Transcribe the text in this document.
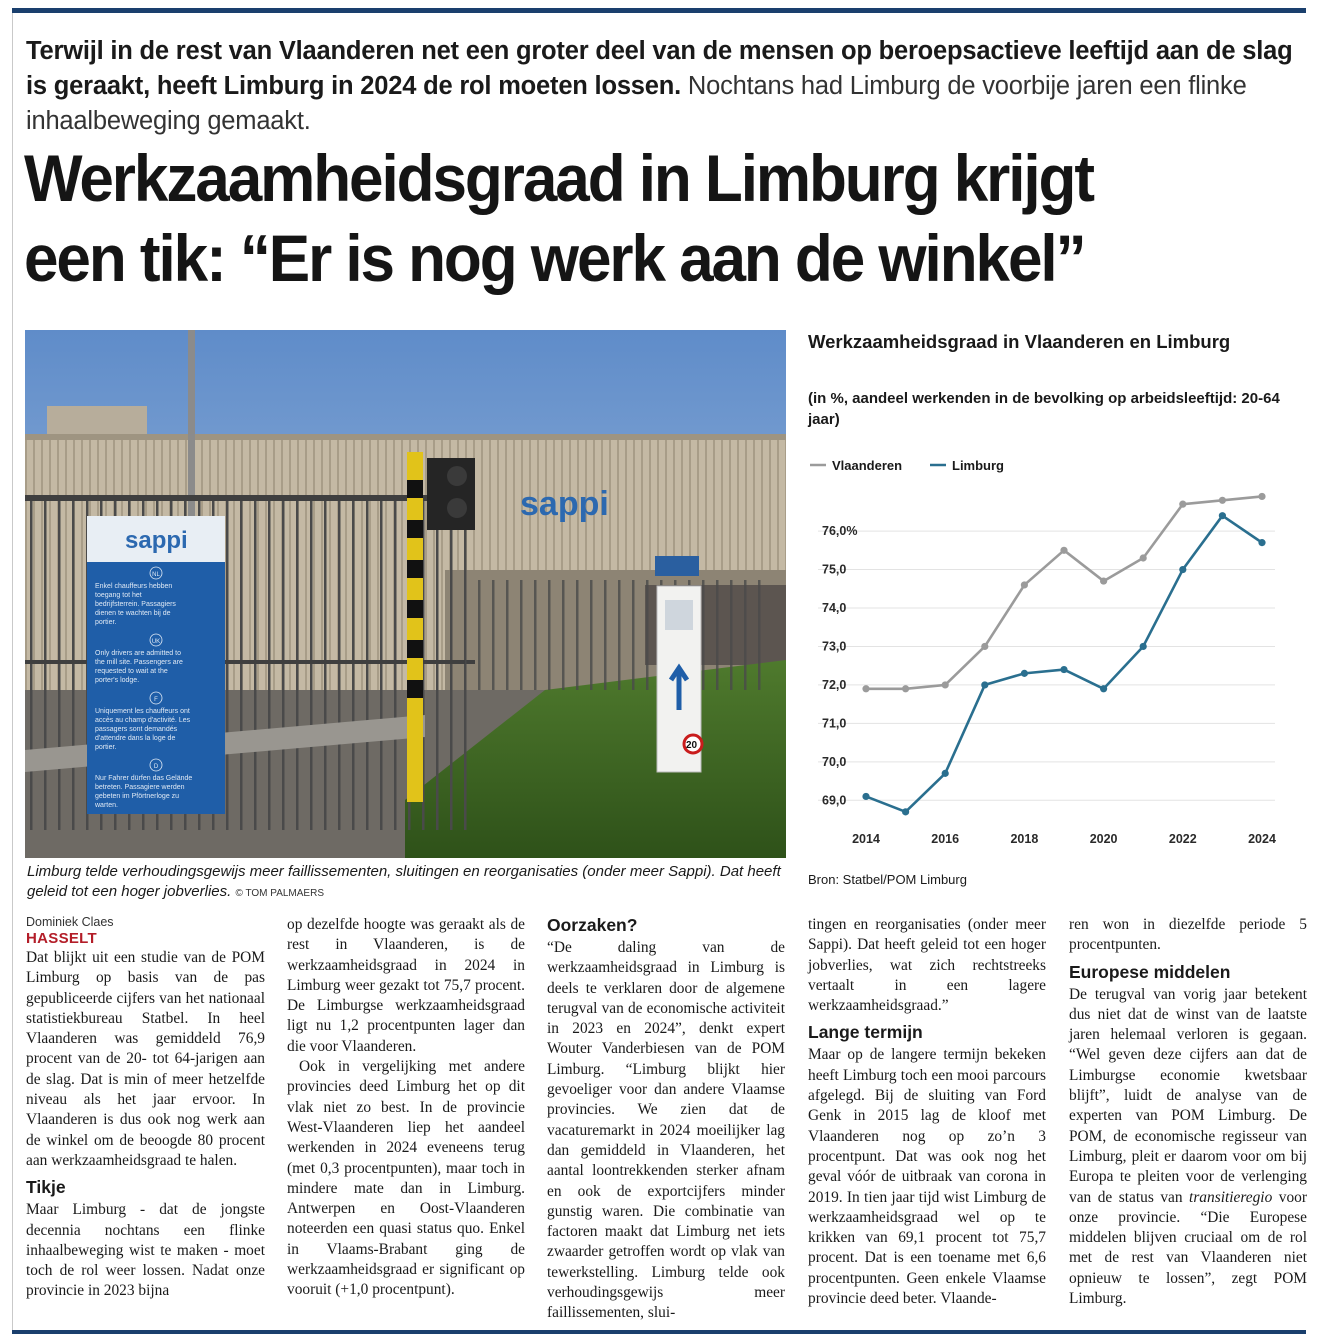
Terwijl in de rest van Vlaanderen net een groter deel van de mensen op beroepsactieve leeftijd aan de slag is geraakt, heeft Limburg in 2024 de rol moeten lossen. Nochtans had Limburg de voorbije jaren een flinke inhaalbeweging gemaakt.
Werkzaamheidsgraad in Limburg krijgt
een tik: “Er is nog werk aan de winkel”
sappi
sappi
NL
Enkel chauffeurs hebben
toegang tot het
bedrijfsterrein. Passagiers
dienen te wachten bij de
portier.
UK
Only drivers are admitted to
the mill site. Passengers are
requested to wait at the
porter's lodge.
F
Uniquement les chauffeurs ont
accès au champ d'activité. Les
passagers sont demandés
d'attendre dans la loge de
portier.
D
Nur Fahrer dürfen das Gelände
betreten. Passagiere werden
gebeten im Pförtnerloge zu
warten.
20
Limburg telde verhoudingsgewijs meer faillissementen, sluitingen en reorganisaties (onder meer Sappi). Dat heeft geleid tot een hoger jobverlies. © TOM PALMAERS
Werkzaamheidsgraad in Vlaanderen en Limburg
(in %, aandeel werkenden in de bevolking op arbeidsleeftijd: 20-64 jaar)
Vlaanderen	Limburg
69,0
70,0
71,0
72,0
73,0
74,0
75,0
76,0%
2014	2016	2018	2020	2022	2024
Bron: Statbel/POM Limburg
Dominiek Claes
HASSELT

Dat blijkt uit een studie van de POM Limburg op basis van de pas gepubliceerde cijfers van het nationaal statistiekbureau Statbel. In heel Vlaanderen was gemiddeld 76,9 procent van de 20- tot 64-jarigen aan de slag. Dat is min of meer hetzelfde niveau als het jaar ervoor. In Vlaanderen is dus ook nog werk aan de winkel om de beoogde 80 procent aan werkzaamheidsgraad te halen.

Tikje

Maar Limburg - dat de jongste decennia nochtans een flinke inhaalbeweging wist te maken - moet toch de rol weer lossen. Nadat onze provincie in 2023 bijna

op dezelfde hoogte was geraakt als de rest in Vlaanderen, is de werkzaamheidsgraad in 2024 in Limburg weer gezakt tot 75,7 procent. De Limburgse werkzaamheidsgraad ligt nu 1,2 procentpunten lager dan die voor Vlaanderen.

Ook in vergelijking met andere provincies deed Limburg het op dit vlak niet zo best. In de provincie West-Vlaanderen liep het aandeel werkenden in 2024 eveneens terug (met 0,3 procentpunten), maar toch in mindere mate dan in Limburg. Antwerpen en Oost-Vlaanderen noteerden een quasi status quo. Enkel in Vlaams-Brabant ging de werkzaamheidsgraad er significant op vooruit (+1,0 procentpunt).

Oorzaken?

“De daling van de werkzaamheidsgraad in Limburg is deels te verklaren door de algemene terugval van de economische activiteit in 2023 en 2024”, denkt expert Wouter Vanderbiesen van de POM Limburg. “Limburg blijkt hier gevoeliger voor dan andere Vlaamse provincies. We zien dat de vacaturemarkt in 2024 moeilijker lag dan gemiddeld in Vlaanderen, het aantal loontrekkenden sterker afnam en ook de exportcijfers minder gunstig waren. Die combinatie van factoren maakt dat Limburg net iets zwaarder getroffen wordt op vlak van tewerkstelling. Limburg telde ook verhoudingsgewijs meer faillissementen, slui-

tingen en reorganisaties (onder meer Sappi). Dat heeft geleid tot een hoger jobverlies, wat zich rechtstreeks vertaalt in een lagere werkzaamheidsgraad.”

Lange termijn

Maar op de langere termijn bekeken heeft Limburg toch een mooi parcours afgelegd. Bij de sluiting van Ford Genk in 2015 lag de kloof met Vlaanderen nog op zo’n 3 procentpunt. Dat was ook nog het geval vóór de uitbraak van corona in 2019. In tien jaar tijd wist Limburg de werkzaamheidsgraad wel op te krikken van 69,1 procent tot 75,7 procent. Dat is een toename met 6,6 procentpunten. Geen enkele Vlaamse provincie deed beter. Vlaande-

ren won in diezelfde periode 5 procentpunten.

Europese middelen

De terugval van vorig jaar betekent dus niet dat de winst van de laatste jaren helemaal verloren is gegaan. “Wel geven deze cijfers aan dat de Limburgse economie kwetsbaar blijft”, luidt de analyse van de experten van POM Limburg. De POM, de economische regisseur van Limburg, pleit er daarom voor om bij Europa te pleiten voor de verlenging van de status van transitieregio voor onze provincie. “Die Europese middelen blijven cruciaal om de rol met de rest van Vlaanderen niet opnieuw te lossen”, zegt POM Limburg.
